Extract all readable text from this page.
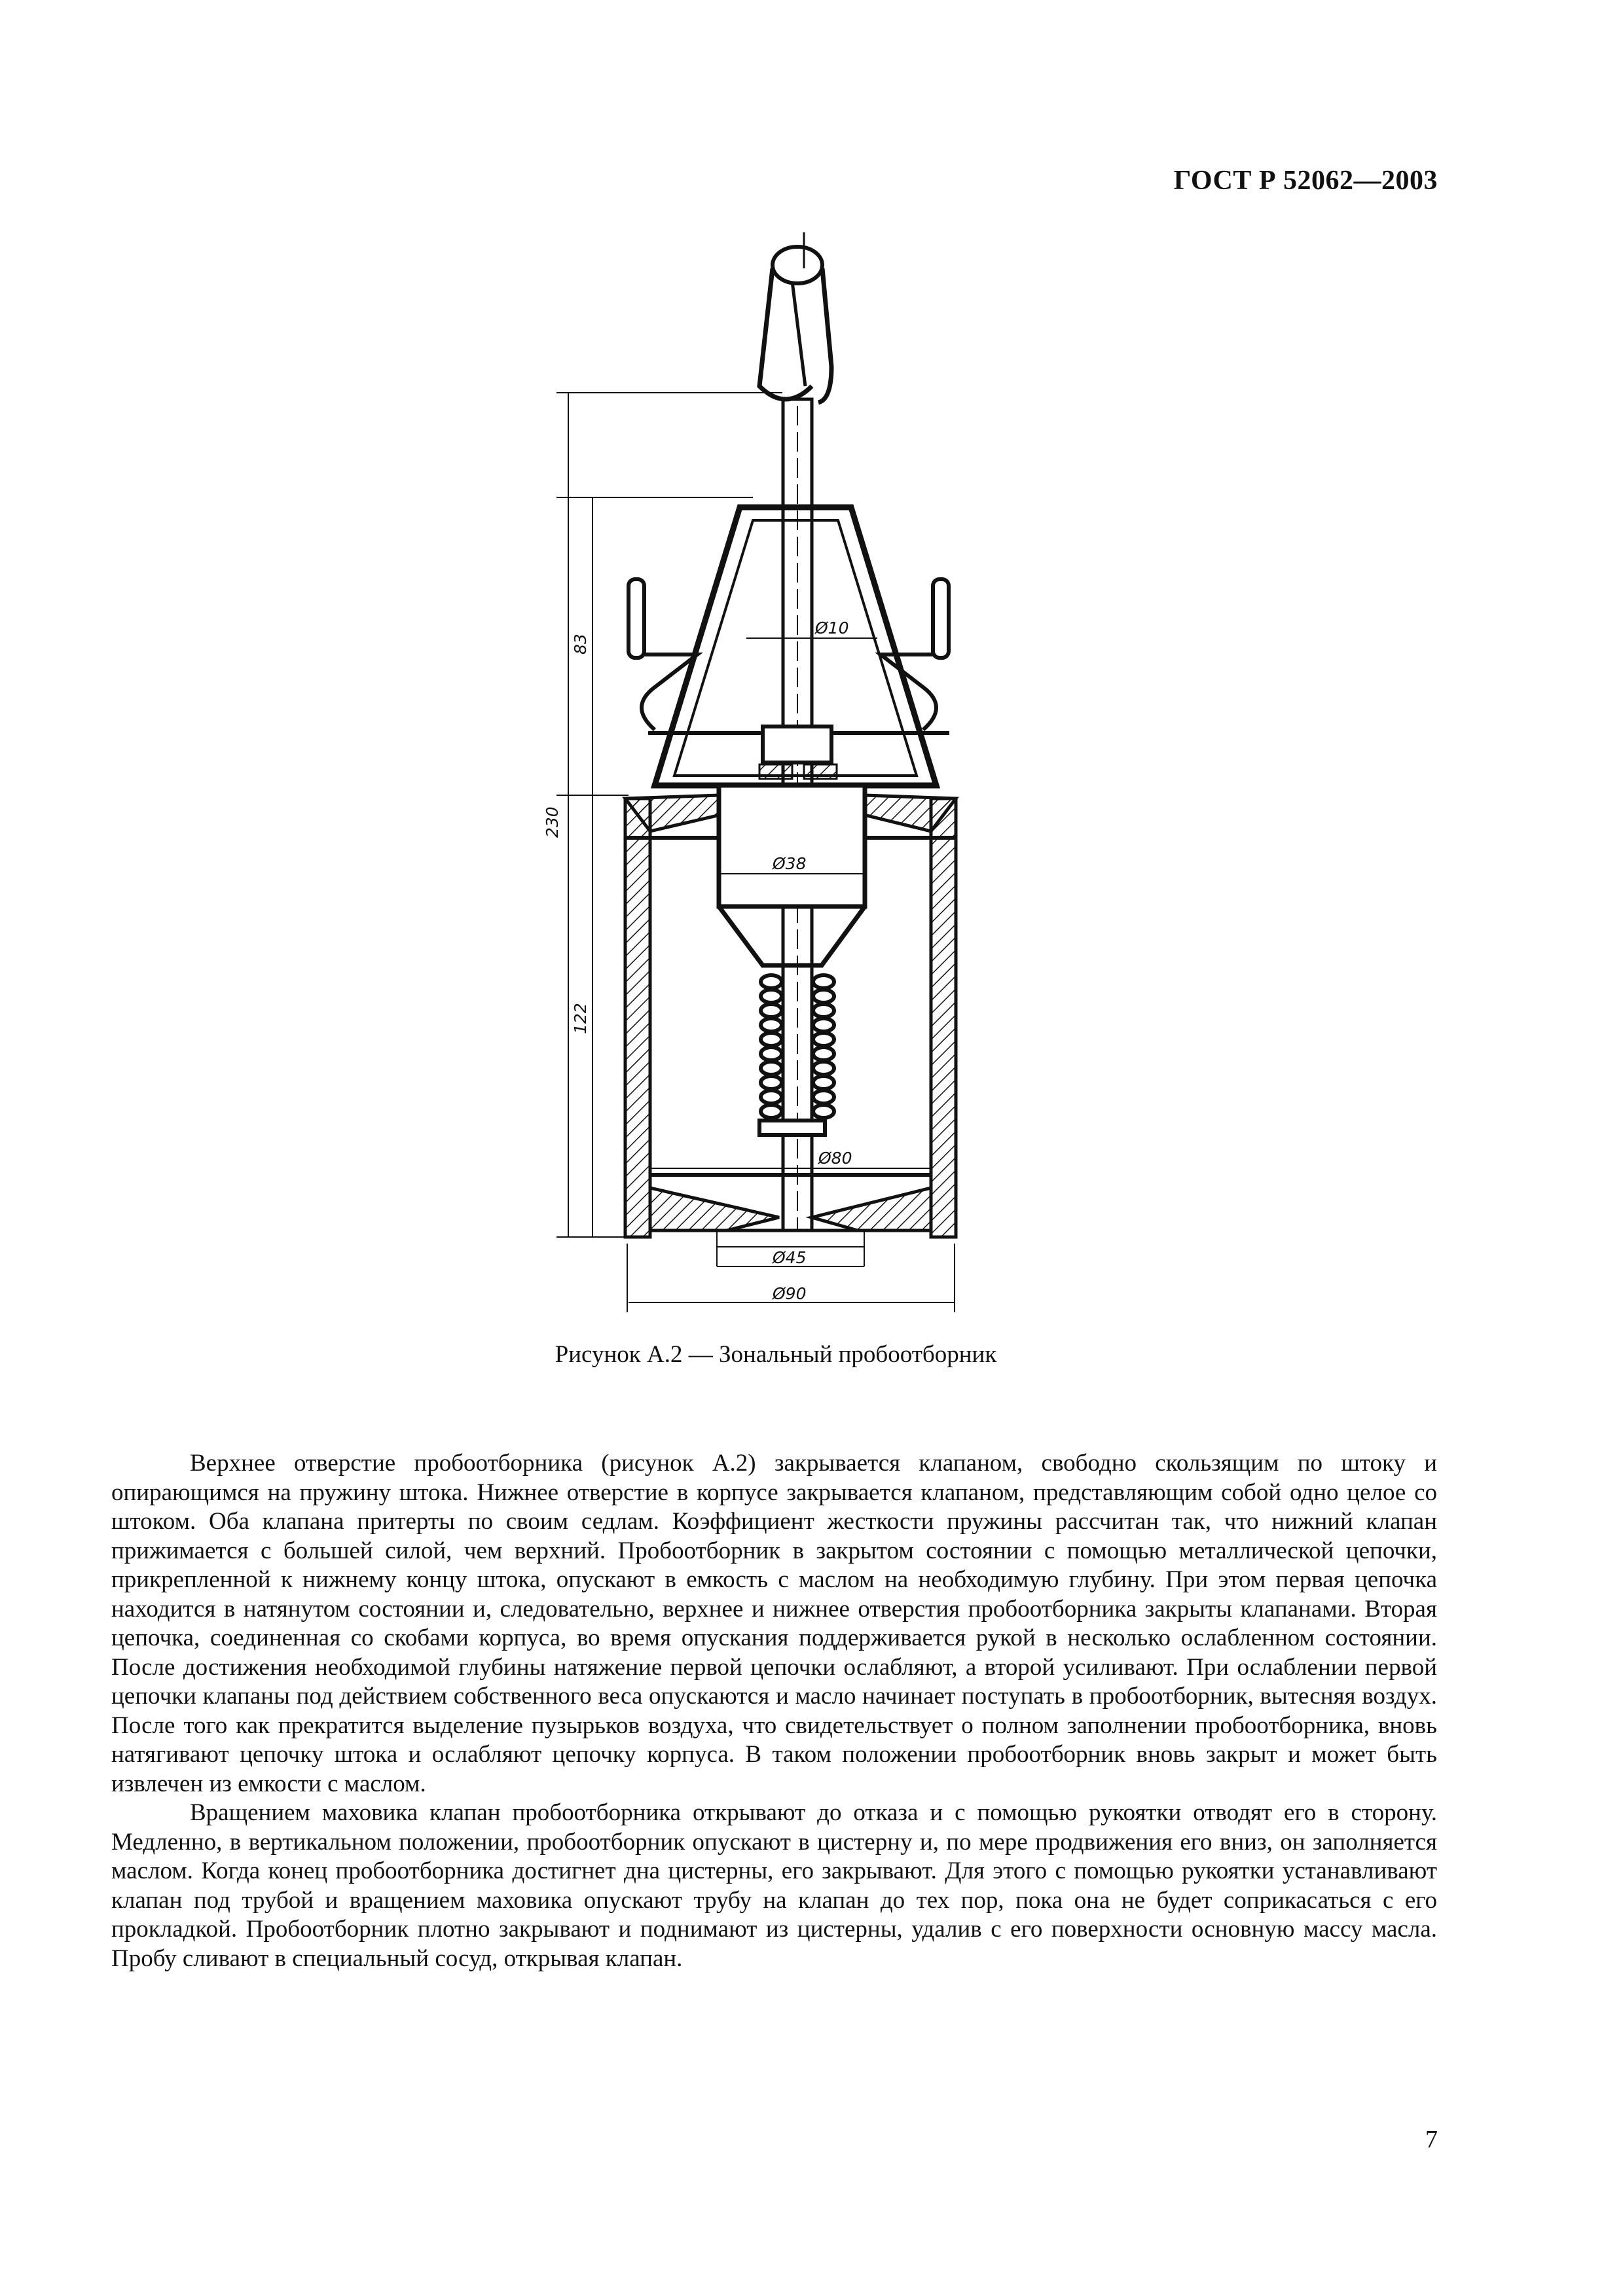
ГОСТ Р 52062—2003
230
83
122
Ø10
Ø38
Ø80
Ø45
Ø90
Рисунок А.2 — Зональный пробоотборник

Верхнее отверстие пробоотборника (рисунок А.2) закрывается клапаном, свободно скользящим по штоку и опирающимся на пружину штока. Нижнее отверстие в корпусе закрывается клапаном, представляющим собой одно целое со штоком. Оба клапана притерты по своим седлам. Коэффициент жесткости пружины рассчитан так, что нижний клапан прижимается с большей силой, чем верхний. Пробоотборник в закрытом состоянии с помощью металлической цепочки, прикрепленной к нижнему концу штока, опускают в емкость с маслом на необходимую глубину. При этом первая цепочка находится в натянутом состоянии и, следовательно, верхнее и нижнее отверстия пробоотборника закрыты клапанами. Вторая цепочка, соединенная со скобами корпуса, во время опускания поддерживается рукой в несколько ослабленном состоянии. После достижения необходимой глубины натяжение первой цепочки ослабляют, а второй усиливают. При ослаблении первой цепочки клапаны под действием собственного веса опускаются и масло начинает поступать в пробоотборник, вытесняя воздух. После того как прекратится выделение пузырьков воздуха, что свидетельствует о полном заполнении пробоотборника, вновь натягивают цепочку штока и ослабляют цепочку корпуса. В таком положении пробоотборник вновь закрыт и может быть извлечен из емкости с маслом.

Вращением маховика клапан пробоотборника открывают до отказа и с помощью рукоятки отводят его в сторону. Медленно, в вертикальном положении, пробоотборник опускают в цистерну и, по мере продвижения его вниз, он заполняется маслом. Когда конец пробоотборника достигнет дна цистерны, его закрывают. Для этого с помощью рукоятки устанавливают клапан под трубой и вращением маховика опускают трубу на клапан до тех пор, пока она не будет соприкасаться с его прокладкой. Пробоотборник плотно закрывают и поднимают из цистерны, удалив с его поверхности основную массу масла. Пробу сливают в специальный сосуд, открывая клапан.

7
